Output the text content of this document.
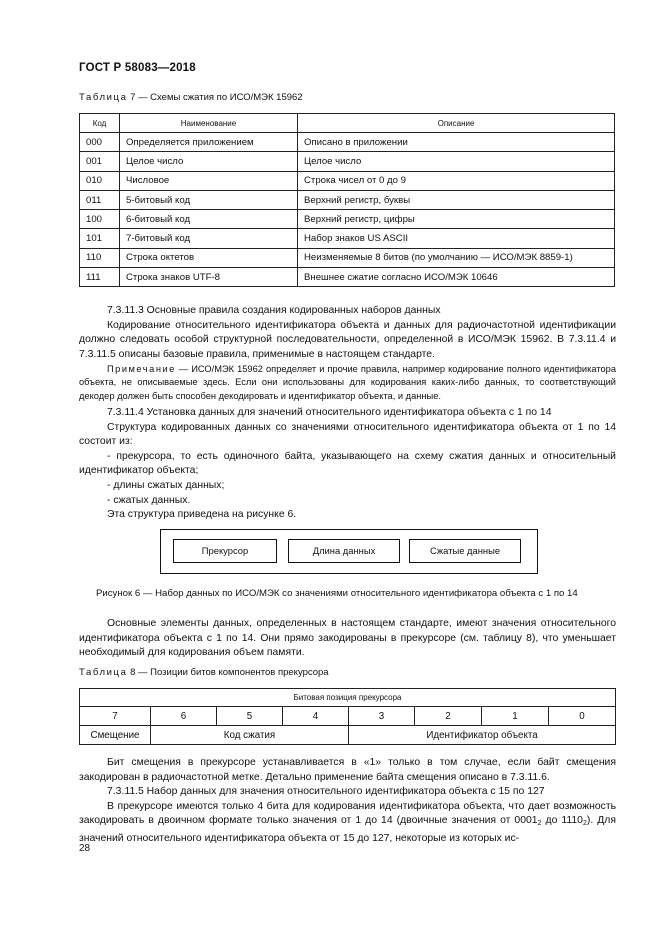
ГОСТ Р 58083—2018
Таблица 7 — Схемы сжатия по ИСО/МЭК 15962
Код	Наименование	Описание
000	Определяется приложением	Описано в приложении
001	Целое число	Целое число
010	Числовое	Строка чисел от 0 до 9
011	5-битовый код	Верхний регистр, буквы
100	6-битовый код	Верхний регистр, цифры
101	7-битовый код	Набор знаков US ASCII
110	Строка октетов	Неизменяемые 8 битов (по умолчанию — ИСО/МЭК 8859-1)
111	Строка знаков UTF-8	Внешнее сжатие согласно ИСО/МЭК 10646
7.3.11.3 Основные правила создания кодированных наборов данных
Кодирование относительного идентификатора объекта и данных для радиочастотной идентификации должно следовать особой структурной последовательности, определенной в ИСО/МЭК 15962. В 7.3.11.4 и 7.3.11.5 описаны базовые правила, применимые в настоящем стандарте.
Примечание — ИСО/МЭК 15962 определяет и прочие правила, например кодирование полного идентификатора объекта, не описываемые здесь. Если они использованы для кодирования каких-либо данных, то соответствующий декодер должен быть способен декодировать и идентификатор объекта, и данные.
7.3.11.4 Установка данных для значений относительного идентификатора объекта с 1 по 14
Структура кодированных данных со значениями относительного идентификатора объекта от 1 по 14 состоит из:
- прекурсора, то есть одиночного байта, указывающего на схему сжатия данных и относительный идентификатор объекта;
- длины сжатых данных;
- сжатых данных.
Эта структура приведена на рисунке 6.
Прекурсор	Длина данных	Сжатые данные
Рисунок 6 — Набор данных по ИСО/МЭК со значениями относительного идентификатора объекта с 1 по 14
Основные элементы данных, определенных в настоящем стандарте, имеют значения относительного идентификатора объекта с 1 по 14. Они прямо закодированы в прекурсоре (см. таблицу 8), что уменьшает необходимый для кодирования объем памяти.
Таблица 8 — Позиции битов компонентов прекурсора
Битовая позиция прекурсора							
7	6	5	4	3	2	1	0
Смещение	Код сжатия			Идентификатор объекта			
Бит смещения в прекурсоре устанавливается в «1» только в том случае, если байт смещения закодирован в радиочастотной метке. Детально применение байта смещения описано в 7.3.11.6.
7.3.11.5 Набор данных для значения относительного идентификатора объекта с 15 по 127
В прекурсоре имеются только 4 бита для кодирования идентификатора объекта, что дает возможность закодировать в двоичном формате только значения от 1 до 14 (двоичные значения от $0001_2$ до $1110_2$). Для значений относительного идентификатора объекта от 15 до 127, некоторые из которых ис-
28
